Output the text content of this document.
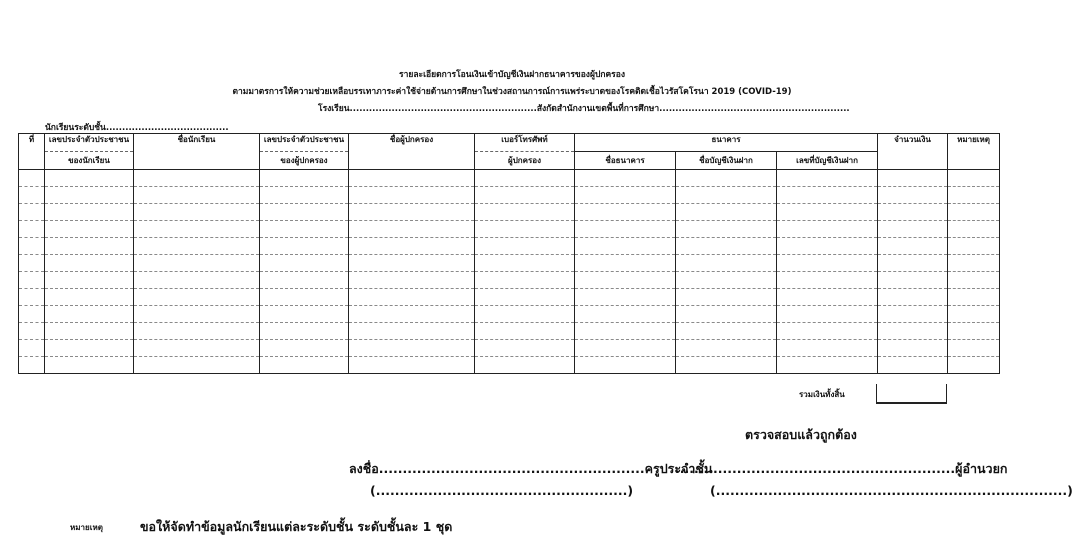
รายละเอียดการโอนเงินเข้าบัญชีเงินฝากธนาคารของผู้ปกครอง
ตามมาตรการให้ความช่วยเหลือบรรเทาภาระค่าใช้จ่ายด้านการศึกษาในช่วงสถานการณ์การแพร่ระบาดของโรคติดเชื้อไวรัสโคโรนา 2019 (COVID-19)
โรงเรียน..........................................................สังกัดสำนักงานเขตพื้นที่การศึกษา...........................................................
นักเรียนระดับชั้น......................................
ที่	เลขประจำตัวประชาชน	ชื่อนักเรียน	เลขประจำตัวประชาชน	ชื่อผู้ปกครอง	เบอร์โทรศัพท์	ธนาคาร			จำนวนเงิน	หมายเหตุ
	ของนักเรียน		ของผู้ปกครอง		ผู้ปกครอง	ชื่อธนาคาร	ชื่อบัญชีเงินฝาก	เลขที่บัญชีเงินฝาก		

รวมเงินทั้งสิ้น
ตรวจสอบแล้วถูกต้อง
ลงชื่อ........................................................ครูประจำชั้น
...........................................................ผู้อำนวยก
(.....................................................)	(..........................................................................)
หมายเหตุ	ขอให้จัดทำข้อมูลนักเรียนแต่ละระดับชั้น ระดับชั้นละ 1 ชุด
